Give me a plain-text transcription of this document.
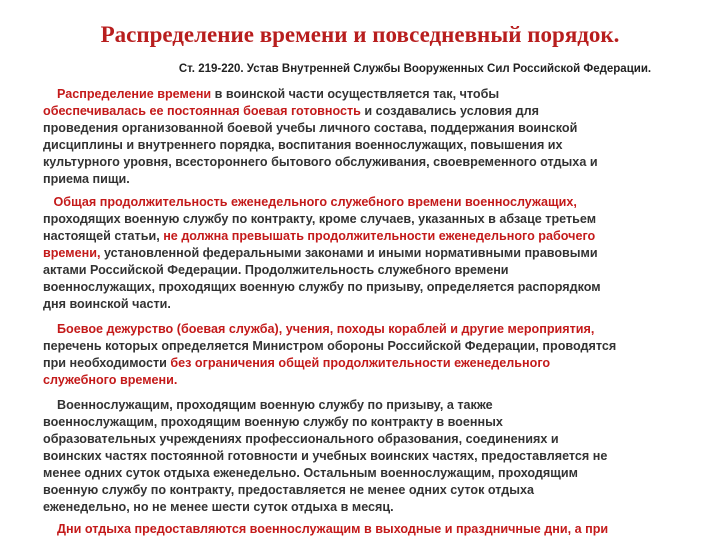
Распределение времени и повседневный порядок.
Ст. 219-220. Устав Внутренней Службы Вооруженных Сил Российской Федерации.
Распределение времени в воинской части осуществляется так, чтобы
обеспечивалась ее постоянная боевая готовность и создавались условия для
проведения организованной боевой учебы личного состава, поддержания воинской
дисциплины и внутреннего порядка, воспитания военнослужащих, повышения их
культурного уровня, всестороннего бытового обслуживания, своевременного отдыха и
приема пищи.
Общая продолжительность еженедельного служебного времени военнослужащих,
проходящих военную службу по контракту, кроме случаев, указанных в абзаце третьем
настоящей статьи, не должна превышать продолжительности еженедельного рабочего
времени, установленной федеральными законами и иными нормативными правовыми
актами Российской Федерации. Продолжительность служебного времени
военнослужащих, проходящих военную службу по призыву, определяется распорядком
дня воинской части.
Боевое дежурство (боевая служба), учения, походы кораблей и другие мероприятия,
перечень которых определяется Министром обороны Российской Федерации, проводятся
при необходимости без ограничения общей продолжительности еженедельного
служебного времени.
Военнослужащим, проходящим военную службу по призыву, а также
военнослужащим, проходящим военную службу по контракту в военных
образовательных учреждениях профессионального образования, соединениях и
воинских частях постоянной готовности и учебных воинских частях, предоставляется не
менее одних суток отдыха еженедельно. Остальным военнослужащим, проходящим
военную службу по контракту, предоставляется не менее одних суток отдыха
еженедельно, но не менее шести суток отдыха в месяц.
Дни отдыха предоставляются военнослужащим в выходные и праздничные дни, а при
